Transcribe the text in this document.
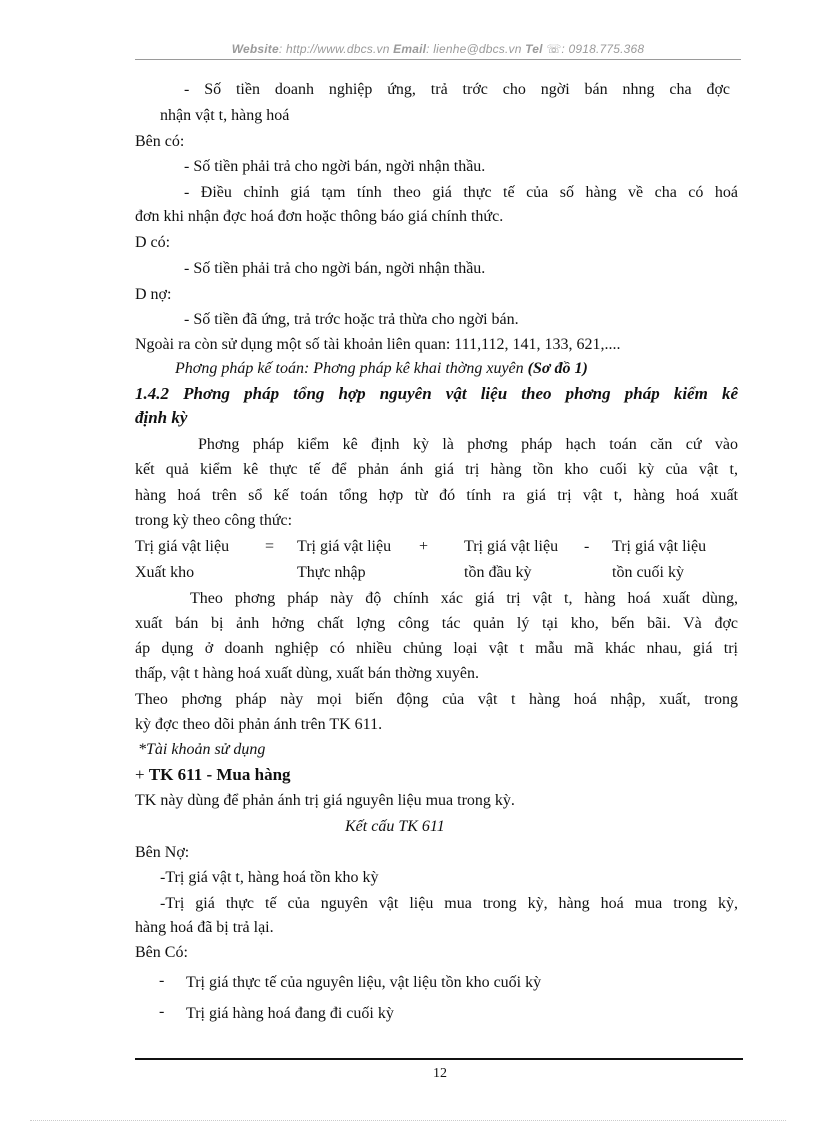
Website: http://www.dbcs.vn Email: lienhe@dbcs.vn Tel ☏: 0918.775.368
- Số tiền doanh nghiệp ứng, trả trớc cho ngời bán nhng cha đợc
nhận vật t, hàng hoá
Bên có:
- Số tiền phải trả cho ngời bán, ngời nhận thầu.
- Điều chỉnh giá tạm tính theo giá thực tế của số hàng về cha có hoá
đơn khi nhận đợc hoá đơn hoặc thông báo giá chính thức.
D có:
- Số tiền phải trả cho ngời bán, ngời nhận thầu.
D nợ:
- Số tiền đã ứng, trả trớc hoặc trả thừa cho ngời bán.
Ngoài ra còn sử dụng một số tài khoản liên quan: 111,112, 141, 133, 621,....
Phơng pháp kế toán: Phơng pháp kê khai thờng xuyên (Sơ đồ 1)
1.4.2 Phơng pháp tổng hợp nguyên vật liệu theo phơng pháp kiểm kê
định kỳ
Phơng pháp kiểm kê định kỳ là phơng pháp hạch toán căn cứ vào
kết quả kiểm kê thực tế để phản ánh giá trị hàng tồn kho cuối kỳ của vật t,
hàng hoá trên sổ kế toán tổng hợp từ đó tính ra giá trị vật t, hàng hoá xuất
trong kỳ theo công thức:
Trị giá vật liệu = Trị giá vật liệu + Trị giá vật liệu - Trị giá vật liệu
Xuất kho	Thực nhập	tồn đầu kỳ	tồn cuối kỳ
Theo phơng pháp này độ chính xác giá trị vật t, hàng hoá xuất dùng,
xuất bán bị ảnh hởng chất lợng công tác quản lý tại kho, bến bãi. Và đợc
áp dụng ở doanh nghiệp có nhiều chủng loại vật t mẫu mã khác nhau, giá trị
thấp, vật t hàng hoá xuất dùng, xuất bán thờng xuyên.
Theo phơng pháp này mọi biến động của vật t hàng hoá nhập, xuất, trong
kỳ đợc theo dõi phản ánh trên TK 611.
*Tài khoản sử dụng
+ TK 611 - Mua hàng
TK này dùng để phản ánh trị giá nguyên liệu mua trong kỳ.
Kết cấu TK 611
Bên Nợ:
-Trị giá vật t, hàng hoá tồn kho kỳ
-Trị giá thực tế của nguyên vật liệu mua trong kỳ, hàng hoá mua trong kỳ,
hàng hoá đã bị trả lại.
Bên Có:
- Trị giá thực tế của nguyên liệu, vật liệu tồn kho cuối kỳ
- Trị giá hàng hoá đang đi cuối kỳ
12
